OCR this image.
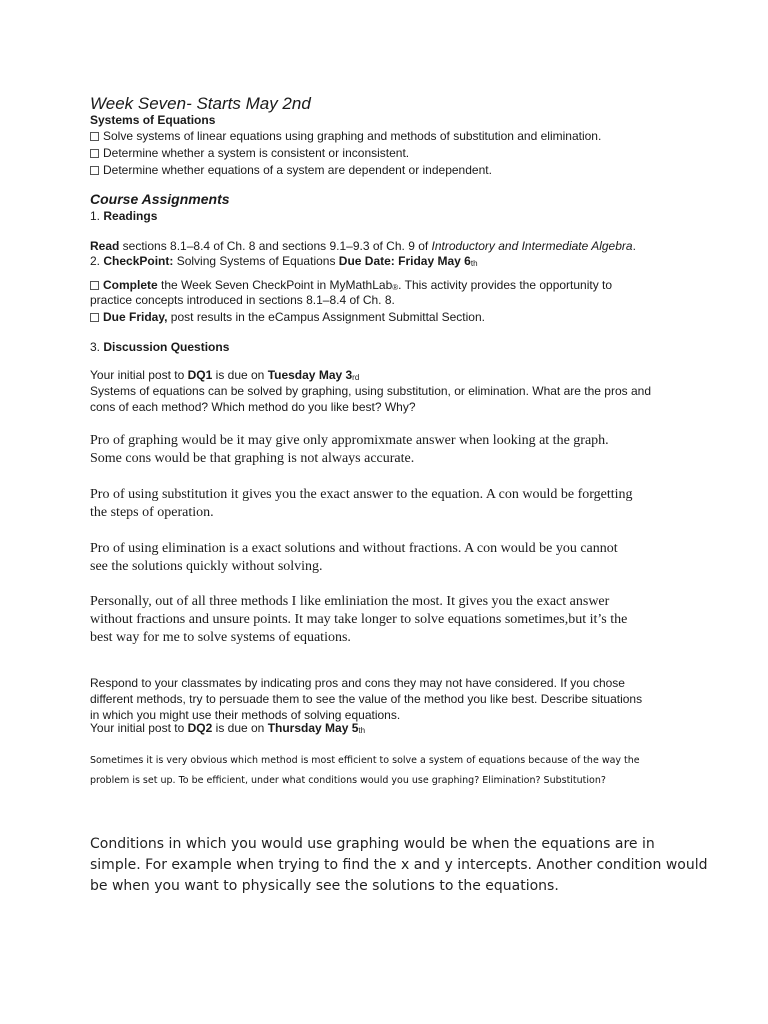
Week Seven- Starts May 2nd
Systems of Equations
Solve systems of linear equations using graphing and methods of substitution and elimination.
Determine whether a system is consistent or inconsistent.
Determine whether equations of a system are dependent or independent.
Course Assignments
1. Readings
Read sections 8.1–8.4 of Ch. 8 and sections 9.1–9.3 of Ch. 9 of Introductory and Intermediate Algebra.
2. CheckPoint: Solving Systems of Equations Due Date: Friday May 6th
Complete the Week Seven CheckPoint in MyMathLab®. This activity provides the opportunity to
practice concepts introduced in sections 8.1–8.4 of Ch. 8.
Due Friday, post results in the eCampus Assignment Submittal Section.
3. Discussion Questions
Your initial post to DQ1 is due on Tuesday May 3rd
Systems of equations can be solved by graphing, using substitution, or elimination. What are the pros and
cons of each method? Which method do you like best? Why?
Pro of graphing would be it may give only appromixmate answer when looking at the graph.
Some cons would be that graphing is not always accurate.
Pro of using substitution it gives you the exact answer to the equation. A con would be forgetting
the steps of operation.
Pro of using elimination is a exact solutions and without fractions. A con would be you cannot
see the solutions quickly without solving.
Personally, out of all three methods I like emliniation the most. It gives you the exact answer
without fractions and unsure points. It may take longer to solve equations sometimes,but it’s the
best way for me to solve systems of equations.
Respond to your classmates by indicating pros and cons they may not have considered. If you chose
different methods, try to persuade them to see the value of the method you like best. Describe situations
in which you might use their methods of solving equations.
Your initial post to DQ2 is due on Thursday May 5th
Sometimes it is very obvious which method is most efficient to solve a system of equations because of the way the
problem is set up. To be efficient, under what conditions would you use graphing? Elimination? Substitution?
Conditions in which you would use graphing would be when the equations are in
simple. For example when trying to find the x and y intercepts. Another condition would
be when you want to physically see the solutions to the equations.
